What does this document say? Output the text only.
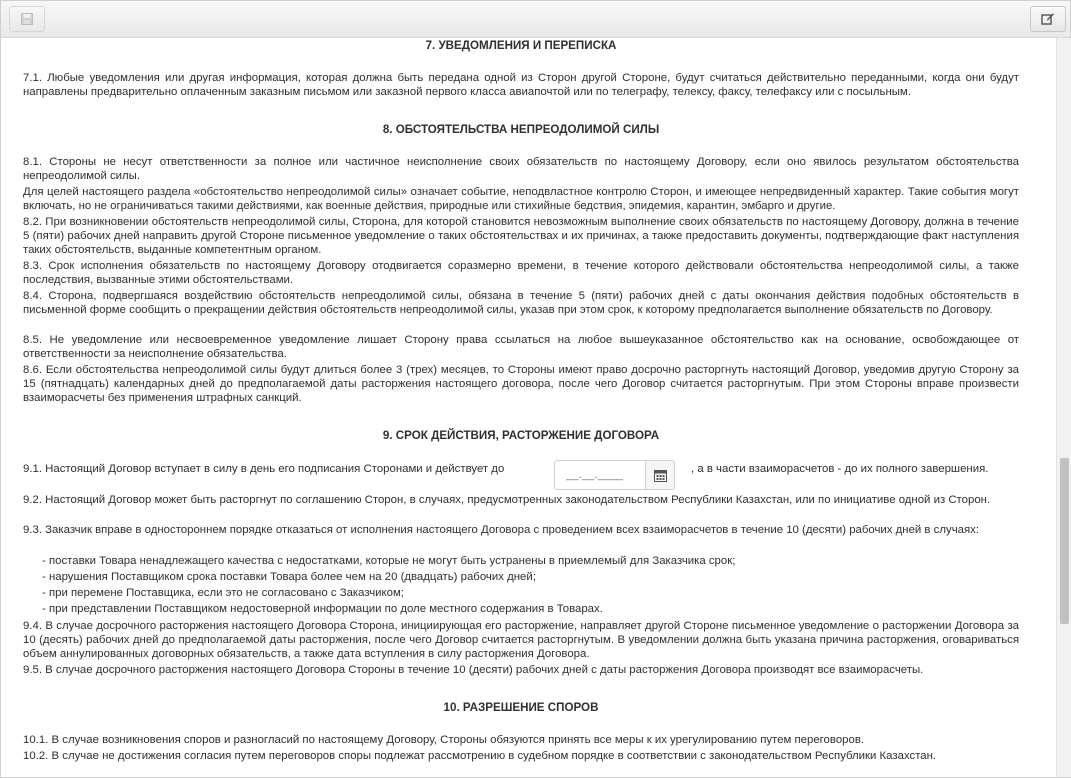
7. УВЕДОМЛЕНИЯ И ПЕРЕПИСКА
7.1. Любые уведомления или другая информация, которая должна быть передана одной из Сторон другой Стороне, будут считаться действительно переданными, когда они будут направлены предварительно оплаченным заказным письмом или заказной первого класса авиапочтой или по телеграфу, телексу, факсу, телефаксу или с посыльным.
8. ОБСТОЯТЕЛЬСТВА НЕПРЕОДОЛИМОЙ СИЛЫ
8.1. Стороны не несут ответственности за полное или частичное неисполнение своих обязательств по настоящему Договору, если оно явилось результатом обстоятельства непреодолимой силы.
Для целей настоящего раздела «обстоятельство непреодолимой силы» означает событие, неподвластное контролю Сторон, и имеющее непредвиденный характер. Такие события могут включать, но не ограничиваться такими действиями, как военные действия, природные или стихийные бедствия, эпидемия, карантин, эмбарго и другие.
8.2. При возникновении обстоятельств непреодолимой силы, Сторона, для которой становится невозможным выполнение своих обязательств по настоящему Договору, должна в течение 5 (пяти) рабочих дней направить другой Стороне письменное уведомление о таких обстоятельствах и их причинах, а также предоставить документы, подтверждающие факт наступления таких обстоятельств, выданные компетентным органом.
8.3. Срок исполнения обязательств по настоящему Договору отодвигается соразмерно времени, в течение которого действовали обстоятельства непреодолимой силы, а также последствия, вызванные этими обстоятельствами.
8.4. Сторона, подвергшаяся воздействию обстоятельств непреодолимой силы, обязана в течение 5 (пяти) рабочих дней с даты окончания действия подобных обстоятельств в письменной форме сообщить о прекращении действия обстоятельств непреодолимой силы, указав при этом срок, к которому предполагается выполнение обязательств по Договору.
8.5. Не уведомление или несвоевременное уведомление лишает Сторону права ссылаться на любое вышеуказанное обстоятельство как на основание, освобождающее от ответственности за неисполнение обязательства.
8.6. Если обстоятельства непреодолимой силы будут длиться более 3 (трех) месяцев, то Стороны имеют право досрочно расторгнуть настоящий Договор, уведомив другую Сторону за 15 (пятнадцать) календарных дней до предполагаемой даты расторжения настоящего договора, после чего Договор считается расторгнутым. При этом Стороны вправе произвести взаиморасчеты без применения штрафных санкций.
9. СРОК ДЕЙСТВИЯ, РАСТОРЖЕНИЕ ДОГОВОРА
9.1. Настоящий Договор вступает в силу в день его подписания Сторонами и действует до
__.__.____	, а в части взаиморасчетов - до их полного завершения.
9.2. Настоящий Договор может быть расторгнут по соглашению Сторон, в случаях, предусмотренных законодательством Республики Казахстан, или по инициативе одной из Сторон.
9.3. Заказчик вправе в одностороннем порядке отказаться от исполнения настоящего Договора с проведением всех взаиморасчетов в течение 10 (десяти) рабочих дней в случаях:
- поставки Товара ненадлежащего качества с недостатками, которые не могут быть устранены в приемлемый для Заказчика срок;
- нарушения Поставщиком срока поставки Товара более чем на 20 (двадцать) рабочих дней;
- при перемене Поставщика, если это не согласовано с Заказчиком;
- при представлении Поставщиком недостоверной информации по доле местного содержания в Товарах.
9.4. В случае досрочного расторжения настоящего Договора Сторона, инициирующая его расторжение, направляет другой Стороне письменное уведомление о расторжении Договора за 10 (десять) рабочих дней до предполагаемой даты расторжения, после чего Договор считается расторгнутым. В уведомлении должна быть указана причина расторжения, оговариваться объем аннулированных договорных обязательств, а также дата вступления в силу расторжения Договора.
9.5. В случае досрочного расторжения настоящего Договора Стороны в течение 10 (десяти) рабочих дней с даты расторжения Договора производят все взаиморасчеты.
10. РАЗРЕШЕНИЕ СПОРОВ
10.1. В случае возникновения споров и разногласий по настоящему Договору, Стороны обязуются принять все меры к их урегулированию путем переговоров.
10.2. В случае не достижения согласия путем переговоров споры подлежат рассмотрению в судебном порядке в соответствии с законодательством Республики Казахстан.
